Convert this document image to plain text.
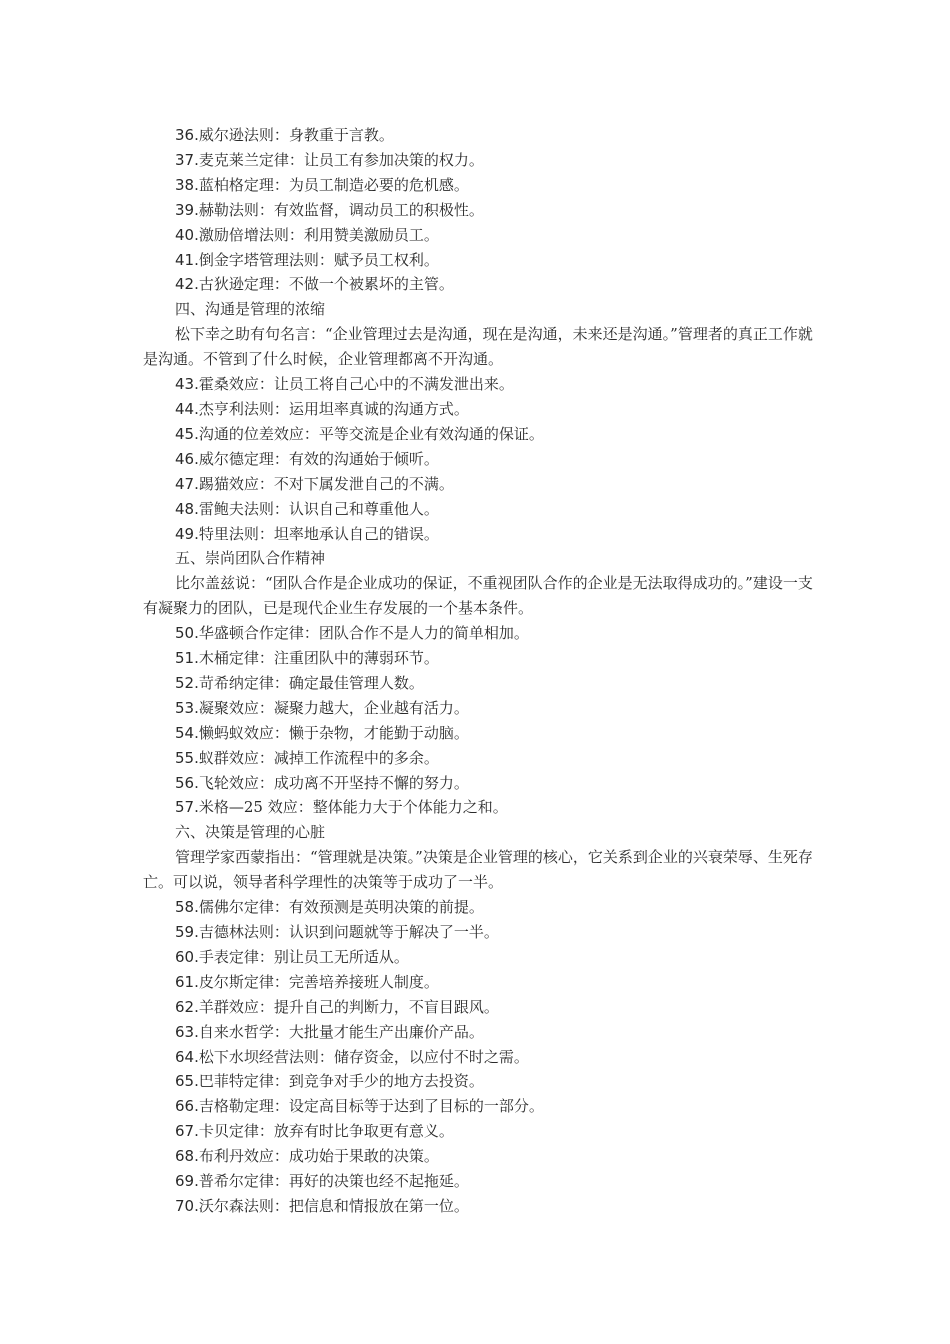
36.威尔逊法则：身教重于言教。

37.麦克莱兰定律：让员工有参加决策的权力。

38.蓝柏格定理：为员工制造必要的危机感。

39.赫勒法则：有效监督，调动员工的积极性。

40.激励倍增法则：利用赞美激励员工。

41.倒金字塔管理法则：赋予员工权利。

42.古狄逊定理：不做一个被累坏的主管。

四、沟通是管理的浓缩

松下幸之助有句名言：“企业管理过去是沟通，现在是沟通，未来还是沟通。”管理者的真正工作就是沟通。不管到了什么时候，企业管理都离不开沟通。

43.霍桑效应：让员工将自己心中的不满发泄出来。

44.杰亨利法则：运用坦率真诚的沟通方式。

45.沟通的位差效应：平等交流是企业有效沟通的保证。

46.威尔德定理：有效的沟通始于倾听。

47.踢猫效应：不对下属发泄自己的不满。

48.雷鲍夫法则：认识自己和尊重他人。

49.特里法则：坦率地承认自己的错误。

五、崇尚团队合作精神

比尔盖兹说：“团队合作是企业成功的保证，不重视团队合作的企业是无法取得成功的。”建设一支有凝聚力的团队，已是现代企业生存发展的一个基本条件。

50.华盛顿合作定律：团队合作不是人力的简单相加。

51.木桶定律：注重团队中的薄弱环节。

52.苛希纳定律：确定最佳管理人数。

53.凝聚效应：凝聚力越大，企业越有活力。

54.懒蚂蚁效应：懒于杂物，才能勤于动脑。

55.蚁群效应：减掉工作流程中的多余。

56.飞轮效应：成功离不开坚持不懈的努力。

57.米格—25 效应：整体能力大于个体能力之和。

六、决策是管理的心脏

管理学家西蒙指出：“管理就是决策。”决策是企业管理的核心，它关系到企业的兴衰荣辱、生死存亡。可以说，领导者科学理性的决策等于成功了一半。

58.儒佛尔定律：有效预测是英明决策的前提。

59.吉德林法则：认识到问题就等于解决了一半。

60.手表定律：别让员工无所适从。

61.皮尔斯定律：完善培养接班人制度。

62.羊群效应：提升自己的判断力，不盲目跟风。

63.自来水哲学：大批量才能生产出廉价产品。

64.松下水坝经营法则：储存资金，以应付不时之需。

65.巴菲特定律：到竞争对手少的地方去投资。

66.吉格勒定理：设定高目标等于达到了目标的一部分。

67.卡贝定律：放弃有时比争取更有意义。

68.布利丹效应：成功始于果敢的决策。

69.普希尔定律：再好的决策也经不起拖延。

70.沃尔森法则：把信息和情报放在第一位。
